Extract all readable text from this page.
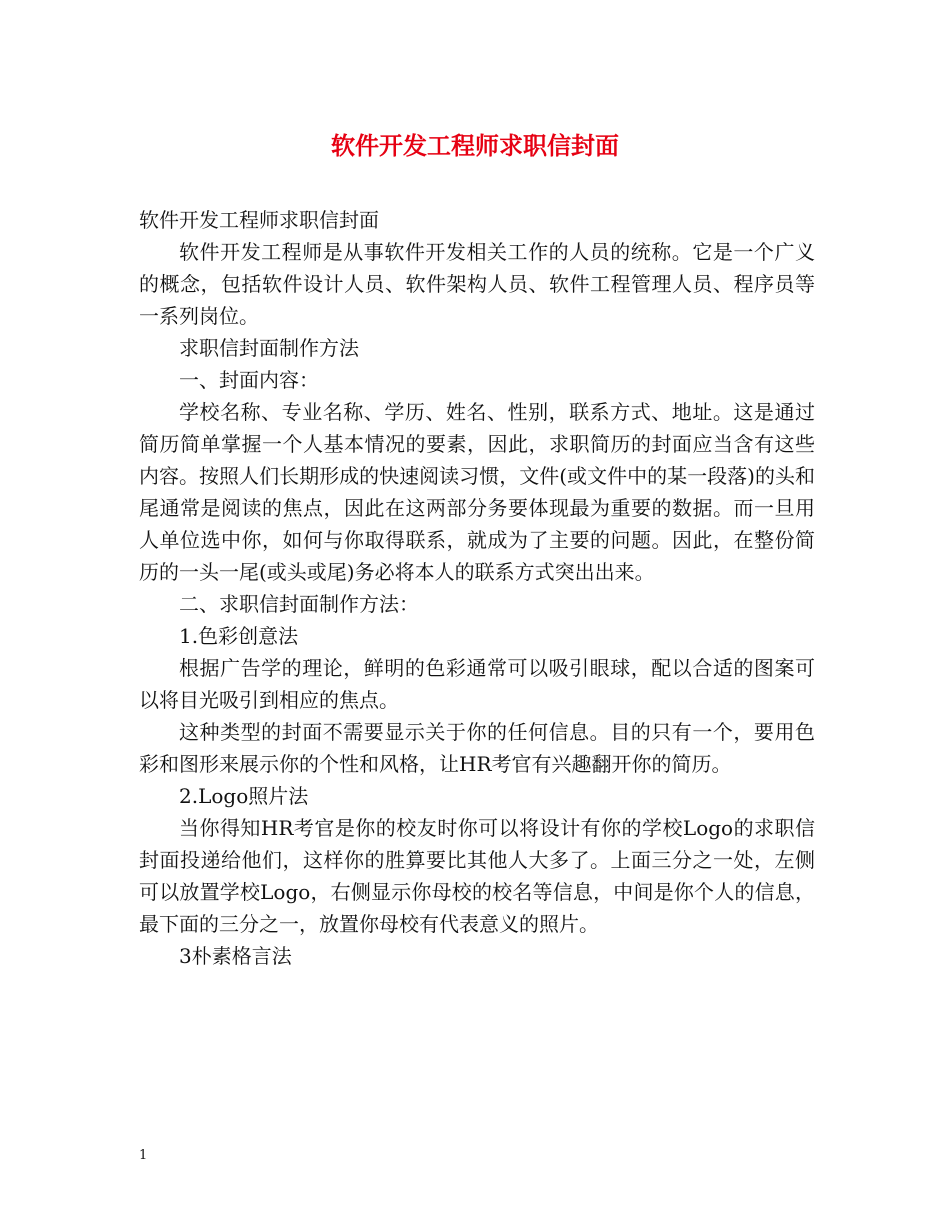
软件开发工程师求职信封面

软件开发工程师求职信封面

软件开发工程师是从事软件开发相关工作的人员的统称。它是一个广义的概念，包括软件设计人员、软件架构人员、软件工程管理人员、程序员等一系列岗位。

求职信封面制作方法

一、封面内容：

学校名称、专业名称、学历、姓名、性别，联系方式、地址。这是通过简历简单掌握一个人基本情况的要素，因此，求职简历的封面应当含有这些内容。按照人们长期形成的快速阅读习惯，文件(或文件中的某一段落)的头和尾通常是阅读的焦点，因此在这两部分务要体现最为重要的数据。而一旦用人单位选中你，如何与你取得联系，就成为了主要的问题。因此，在整份简历的一头一尾(或头或尾)务必将本人的联系方式突出出来。

二、求职信封面制作方法：

1.色彩创意法

根据广告学的理论，鲜明的色彩通常可以吸引眼球，配以合适的图案可以将目光吸引到相应的焦点。

这种类型的封面不需要显示关于你的任何信息。目的只有一个，要用色彩和图形来展示你的个性和风格，让HR考官有兴趣翻开你的简历。

2.Logo照片法

当你得知HR考官是你的校友时你可以将设计有你的学校Logo的求职信封面投递给他们，这样你的胜算要比其他人大多了。上面三分之一处，左侧可以放置学校Logo，右侧显示你母校的校名等信息，中间是你个人的信息，最下面的三分之一，放置你母校有代表意义的照片。

3朴素格言法

1
